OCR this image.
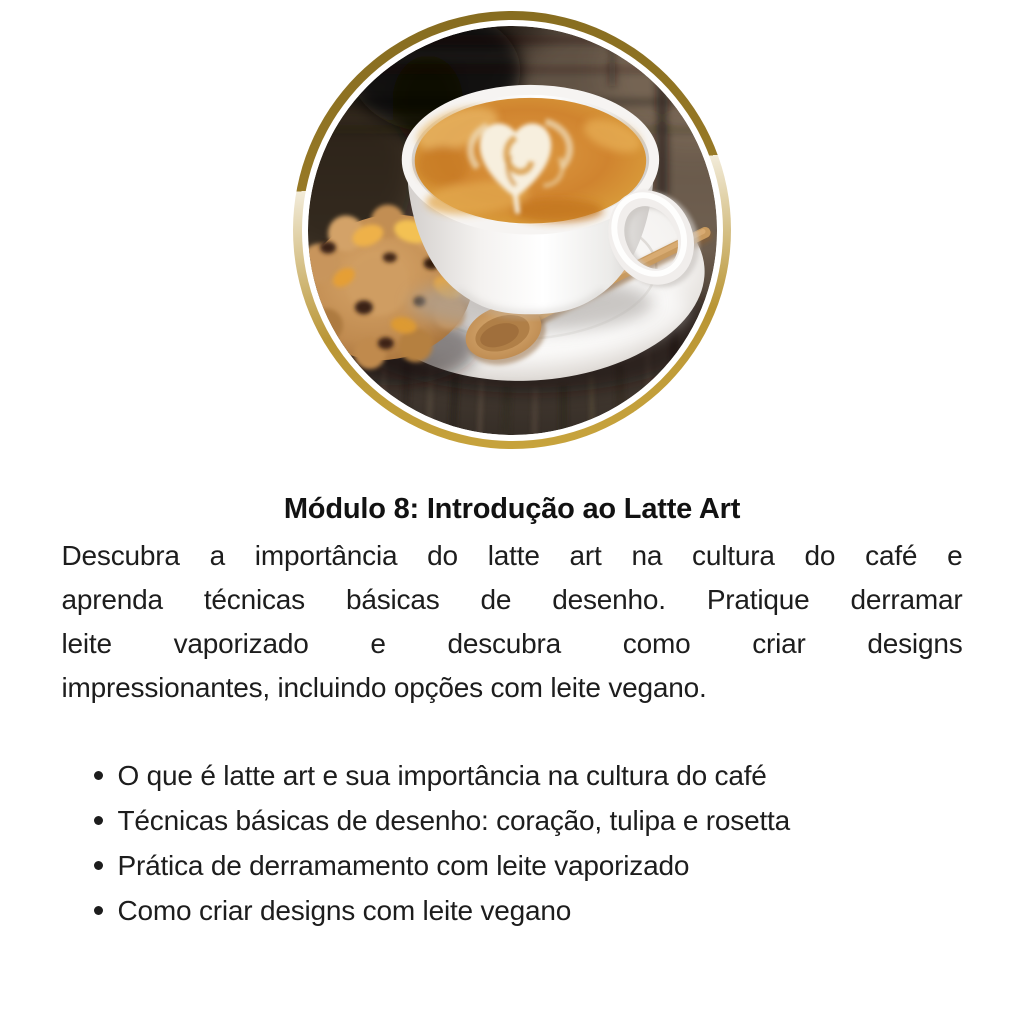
Módulo 8: Introdução ao Latte Art
Descubra a importância do latte art na cultura do café e
aprenda técnicas básicas de desenho. Pratique derramar
leite vaporizado e descubra como criar designs
impressionantes, incluindo opções com leite vegano.
O que é latte art e sua importância na cultura do café
Técnicas básicas de desenho: coração, tulipa e rosetta
Prática de derramamento com leite vaporizado
Como criar designs com leite vegano
